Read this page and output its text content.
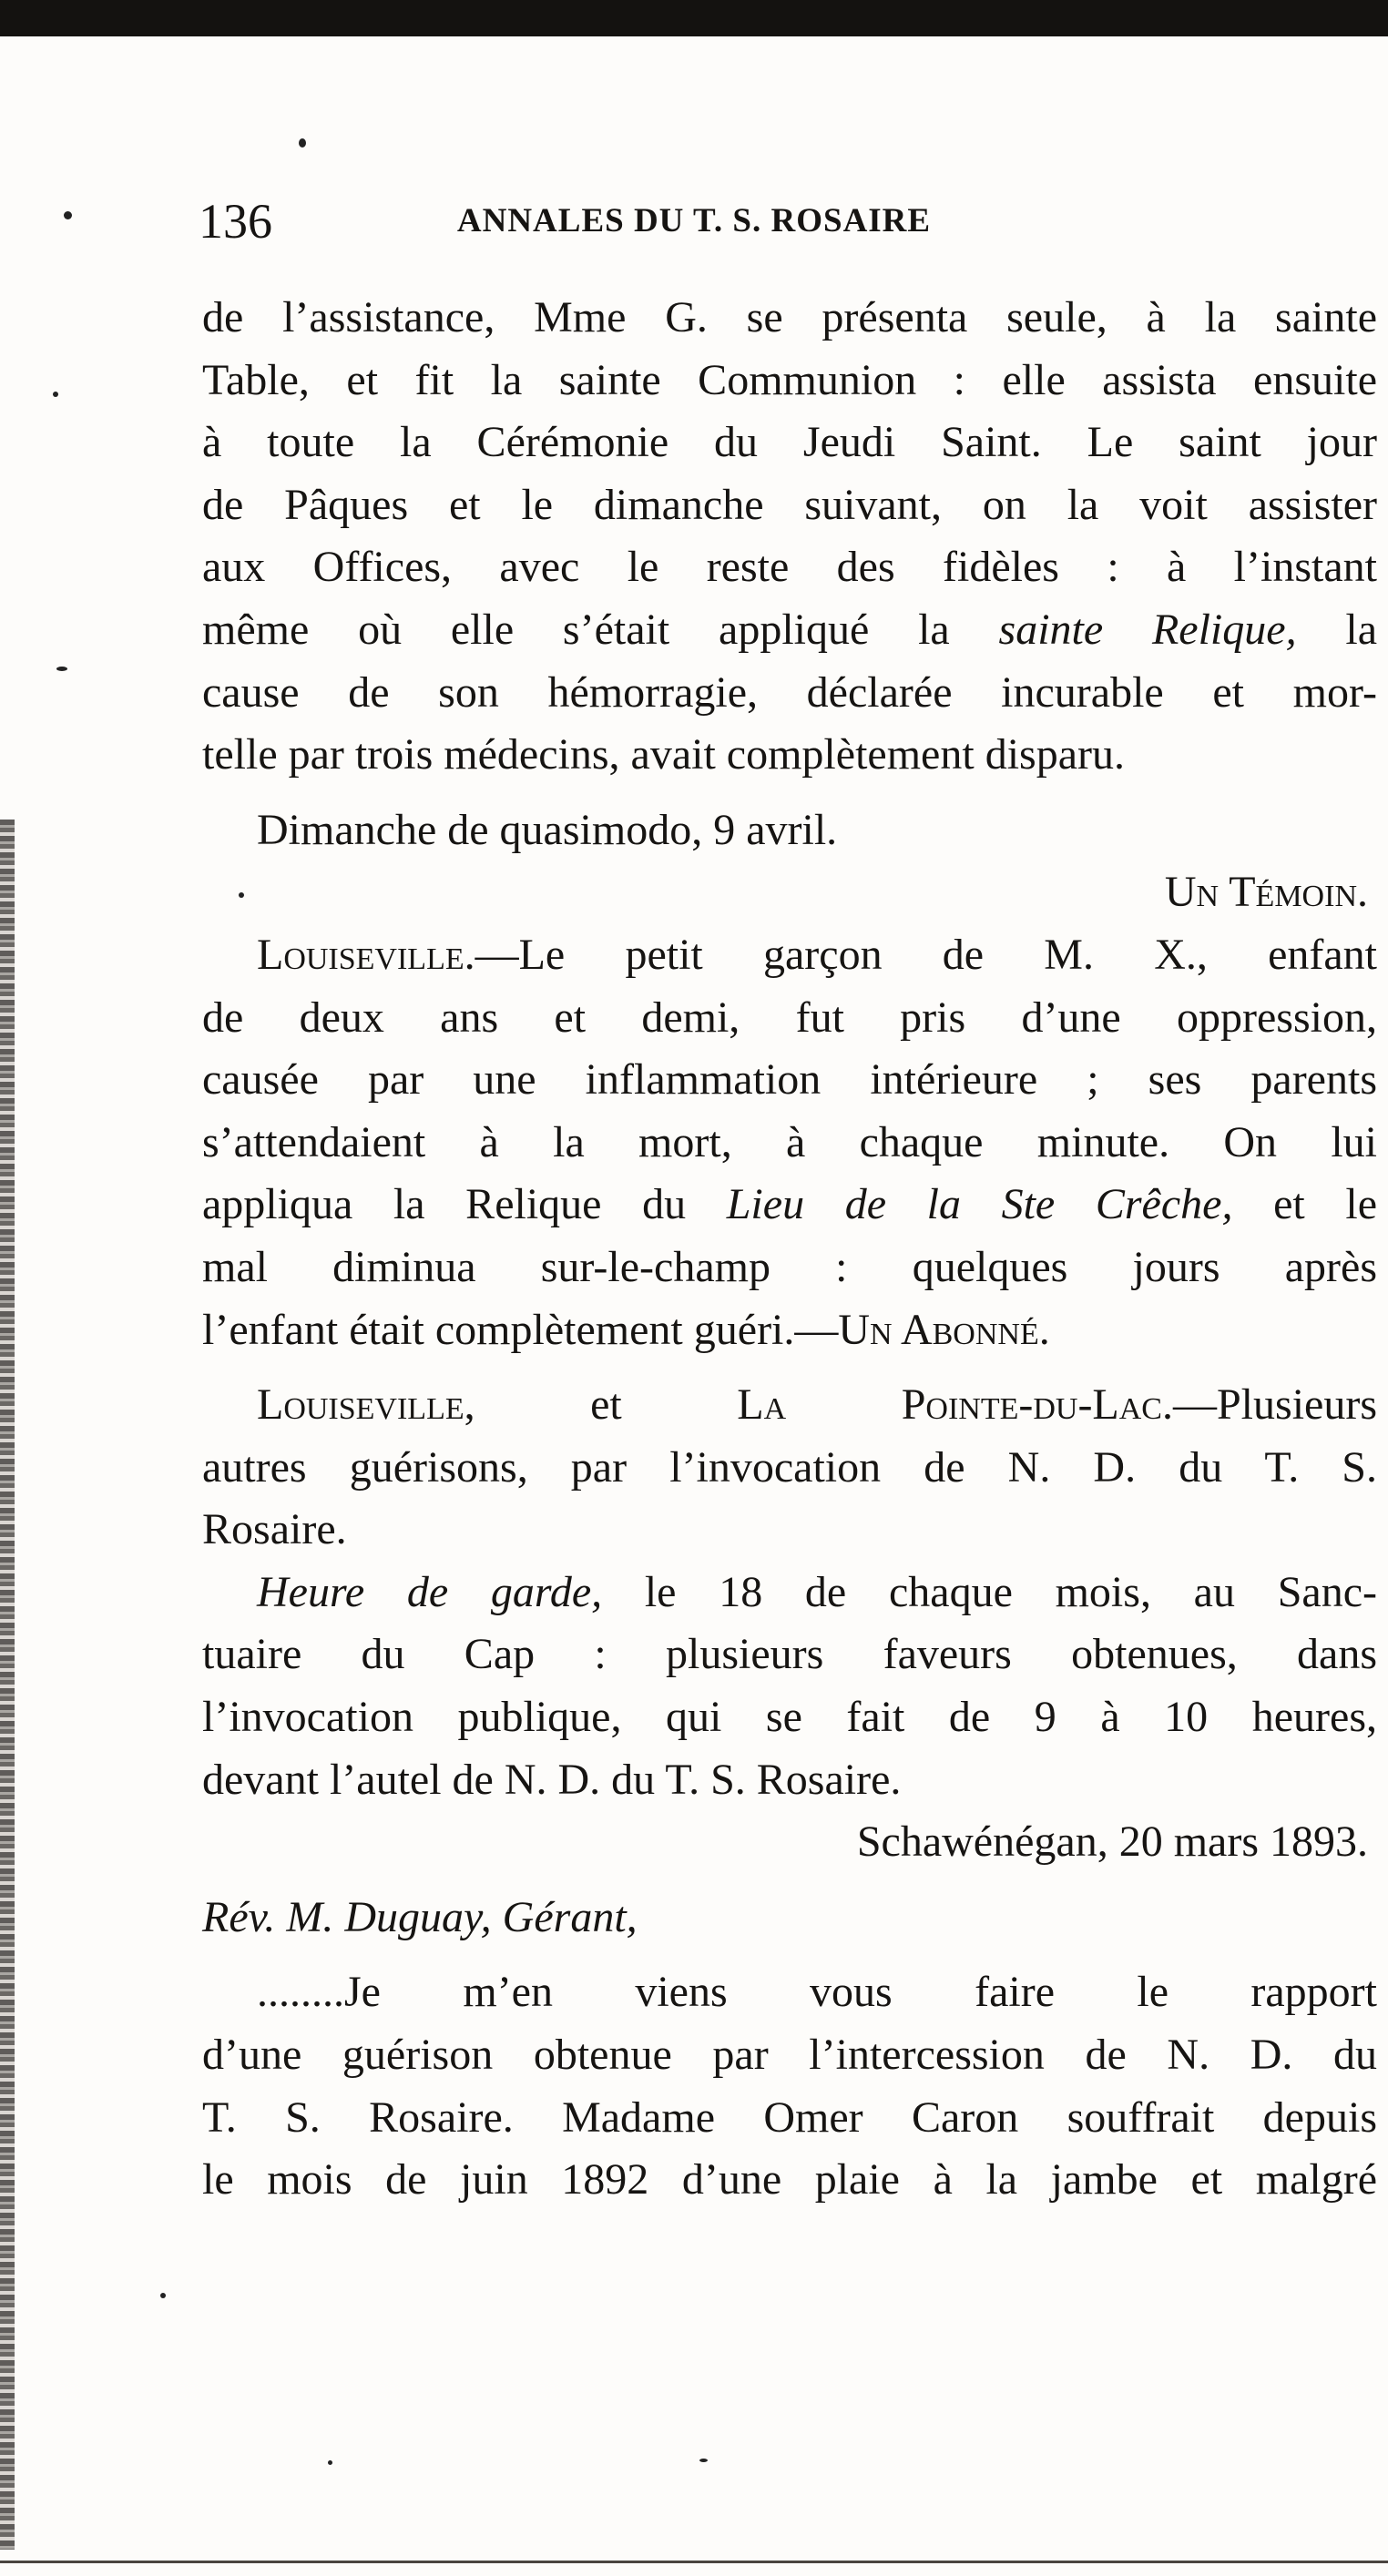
136	ANNALES DU T. S. ROSAIRE

de l’assistance, Mme G. se présenta seule, à la sainte

Table, et fit la sainte Communion : elle assista ensuite

à toute la Cérémonie du Jeudi Saint. Le saint jour

de Pâques et le dimanche suivant, on la voit assister

aux Offices, avec le reste des fidèles : à l’instant

même où elle s’était appliqué la sainte Relique, la

cause de son hémorragie, déclarée incurable et mor-

telle par trois médecins, avait complètement disparu.

Dimanche de quasimodo, 9 avril.

Un Témoin.

Louiseville.—Le petit garçon de M. X., enfant

de deux ans et demi, fut pris d’une oppression,

causée par une inflammation intérieure ; ses parents

s’attendaient à la mort, à chaque minute. On lui

appliqua la Relique du Lieu de la Ste Crêche, et le

mal diminua sur-le-champ : quelques jours après

l’enfant était complètement guéri.—Un Abonné.

Louiseville, et La Pointe-du-Lac.—Plusieurs

autres guérisons, par l’invocation de N. D. du T. S.

Rosaire.

Heure de garde, le 18 de chaque mois, au Sanc-

tuaire du Cap : plusieurs faveurs obtenues, dans

l’invocation publique, qui se fait de 9 à 10 heures,

devant l’autel de N. D. du T. S. Rosaire.

Schawénégan, 20 mars 1893.

Rév. M. Duguay, Gérant,

........Je m’en viens vous faire le rapport

d’une guérison obtenue par l’intercession de N. D. du

T. S. Rosaire. Madame Omer Caron souffrait depuis

le mois de juin 1892 d’une plaie à la jambe et malgré
